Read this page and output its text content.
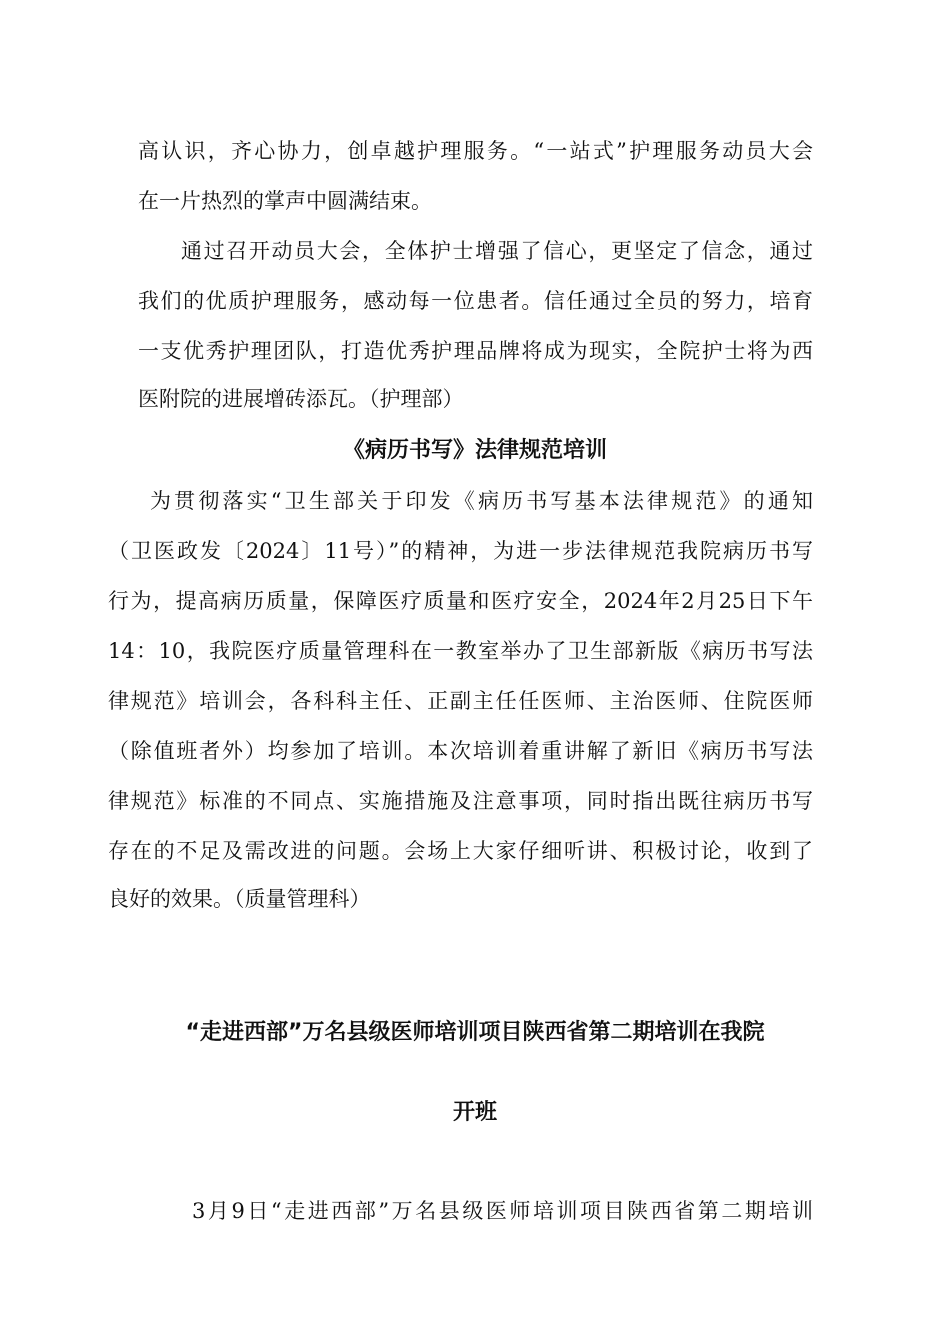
高认识，齐心协力，创卓越护理服务。“一站式”护理服务动员大会

在一片热烈的掌声中圆满结束。

通过召开动员大会，全体护士增强了信心，更坚定了信念，通过

我们的优质护理服务，感动每一位患者。信任通过全员的努力，培育

一支优秀护理团队，打造优秀护理品牌将成为现实，全院护士将为西

医附院的进展增砖添瓦。（护理部）

《病历书写》法律规范培训

为贯彻落实“卫生部关于印发《病历书写基本法律规范》的通知

（卫医政发〔2024〕11号）”的精神，为进一步法律规范我院病历书写

行为，提高病历质量，保障医疗质量和医疗安全，2024年2月25日下午

14：10，我院医疗质量管理科在一教室举办了卫生部新版《病历书写法

律规范》培训会，各科科主任、正副主任任医师、主治医师、住院医师

（除值班者外）均参加了培训。本次培训着重讲解了新旧《病历书写法

律规范》标准的不同点、实施措施及注意事项，同时指出既往病历书写

存在的不足及需改进的问题。会场上大家仔细听讲、积极讨论，收到了

良好的效果。（质量管理科）

“走进西部”万名县级医师培训项目陕西省第二期培训在我院
开班

3月9日“走进西部”万名县级医师培训项目陕西省第二期培训
